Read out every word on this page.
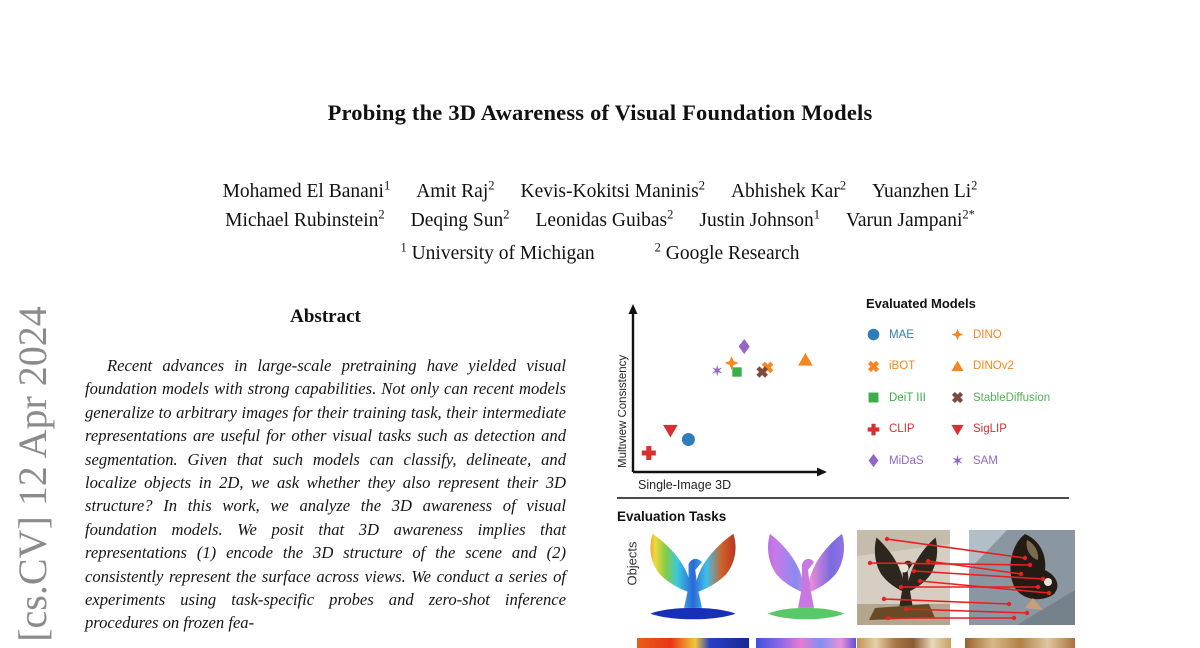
[cs.CV] 12 Apr 2024
Probing the 3D Awareness of Visual Foundation Models
Mohamed El Banani$^1$ Amit Raj$^2$ Kevis-Kokitsi Maninis$^2$ Abhishek Kar$^2$ Yuanzhen Li$^2$
Michael Rubinstein$^2$ Deqing Sun$^2$ Leonidas Guibas$^2$ Justin Johnson$^1$ Varun Jampani$^{2*}$
$^1$ University of Michigan	$^2$ Google Research
Abstract

Recent advances in large-scale pretraining have yielded visual foundation models with strong capabilities. Not only can recent models generalize to arbitrary images for their training task, their intermediate representations are useful for other visual tasks such as detection and segmentation. Given that such models can classify, delineate, and localize objects in 2D, we ask whether they also represent their 3D structure? In this work, we analyze the 3D awareness of visual foundation models. We posit that 3D awareness implies that representations (1) encode the 3D structure of the scene and (2) consistently represent the surface across views. We conduct a series of experiments using task-specific probes and zero-shot inference procedures on frozen fea-

Multiview Consistency
Single-Image 3D
Evaluated Models
MAE	DINO
iBOT	DINOv2
DeiT III	StableDiffusion
CLIP	SigLIP
MiDaS	SAM
Evaluation Tasks
Objects
